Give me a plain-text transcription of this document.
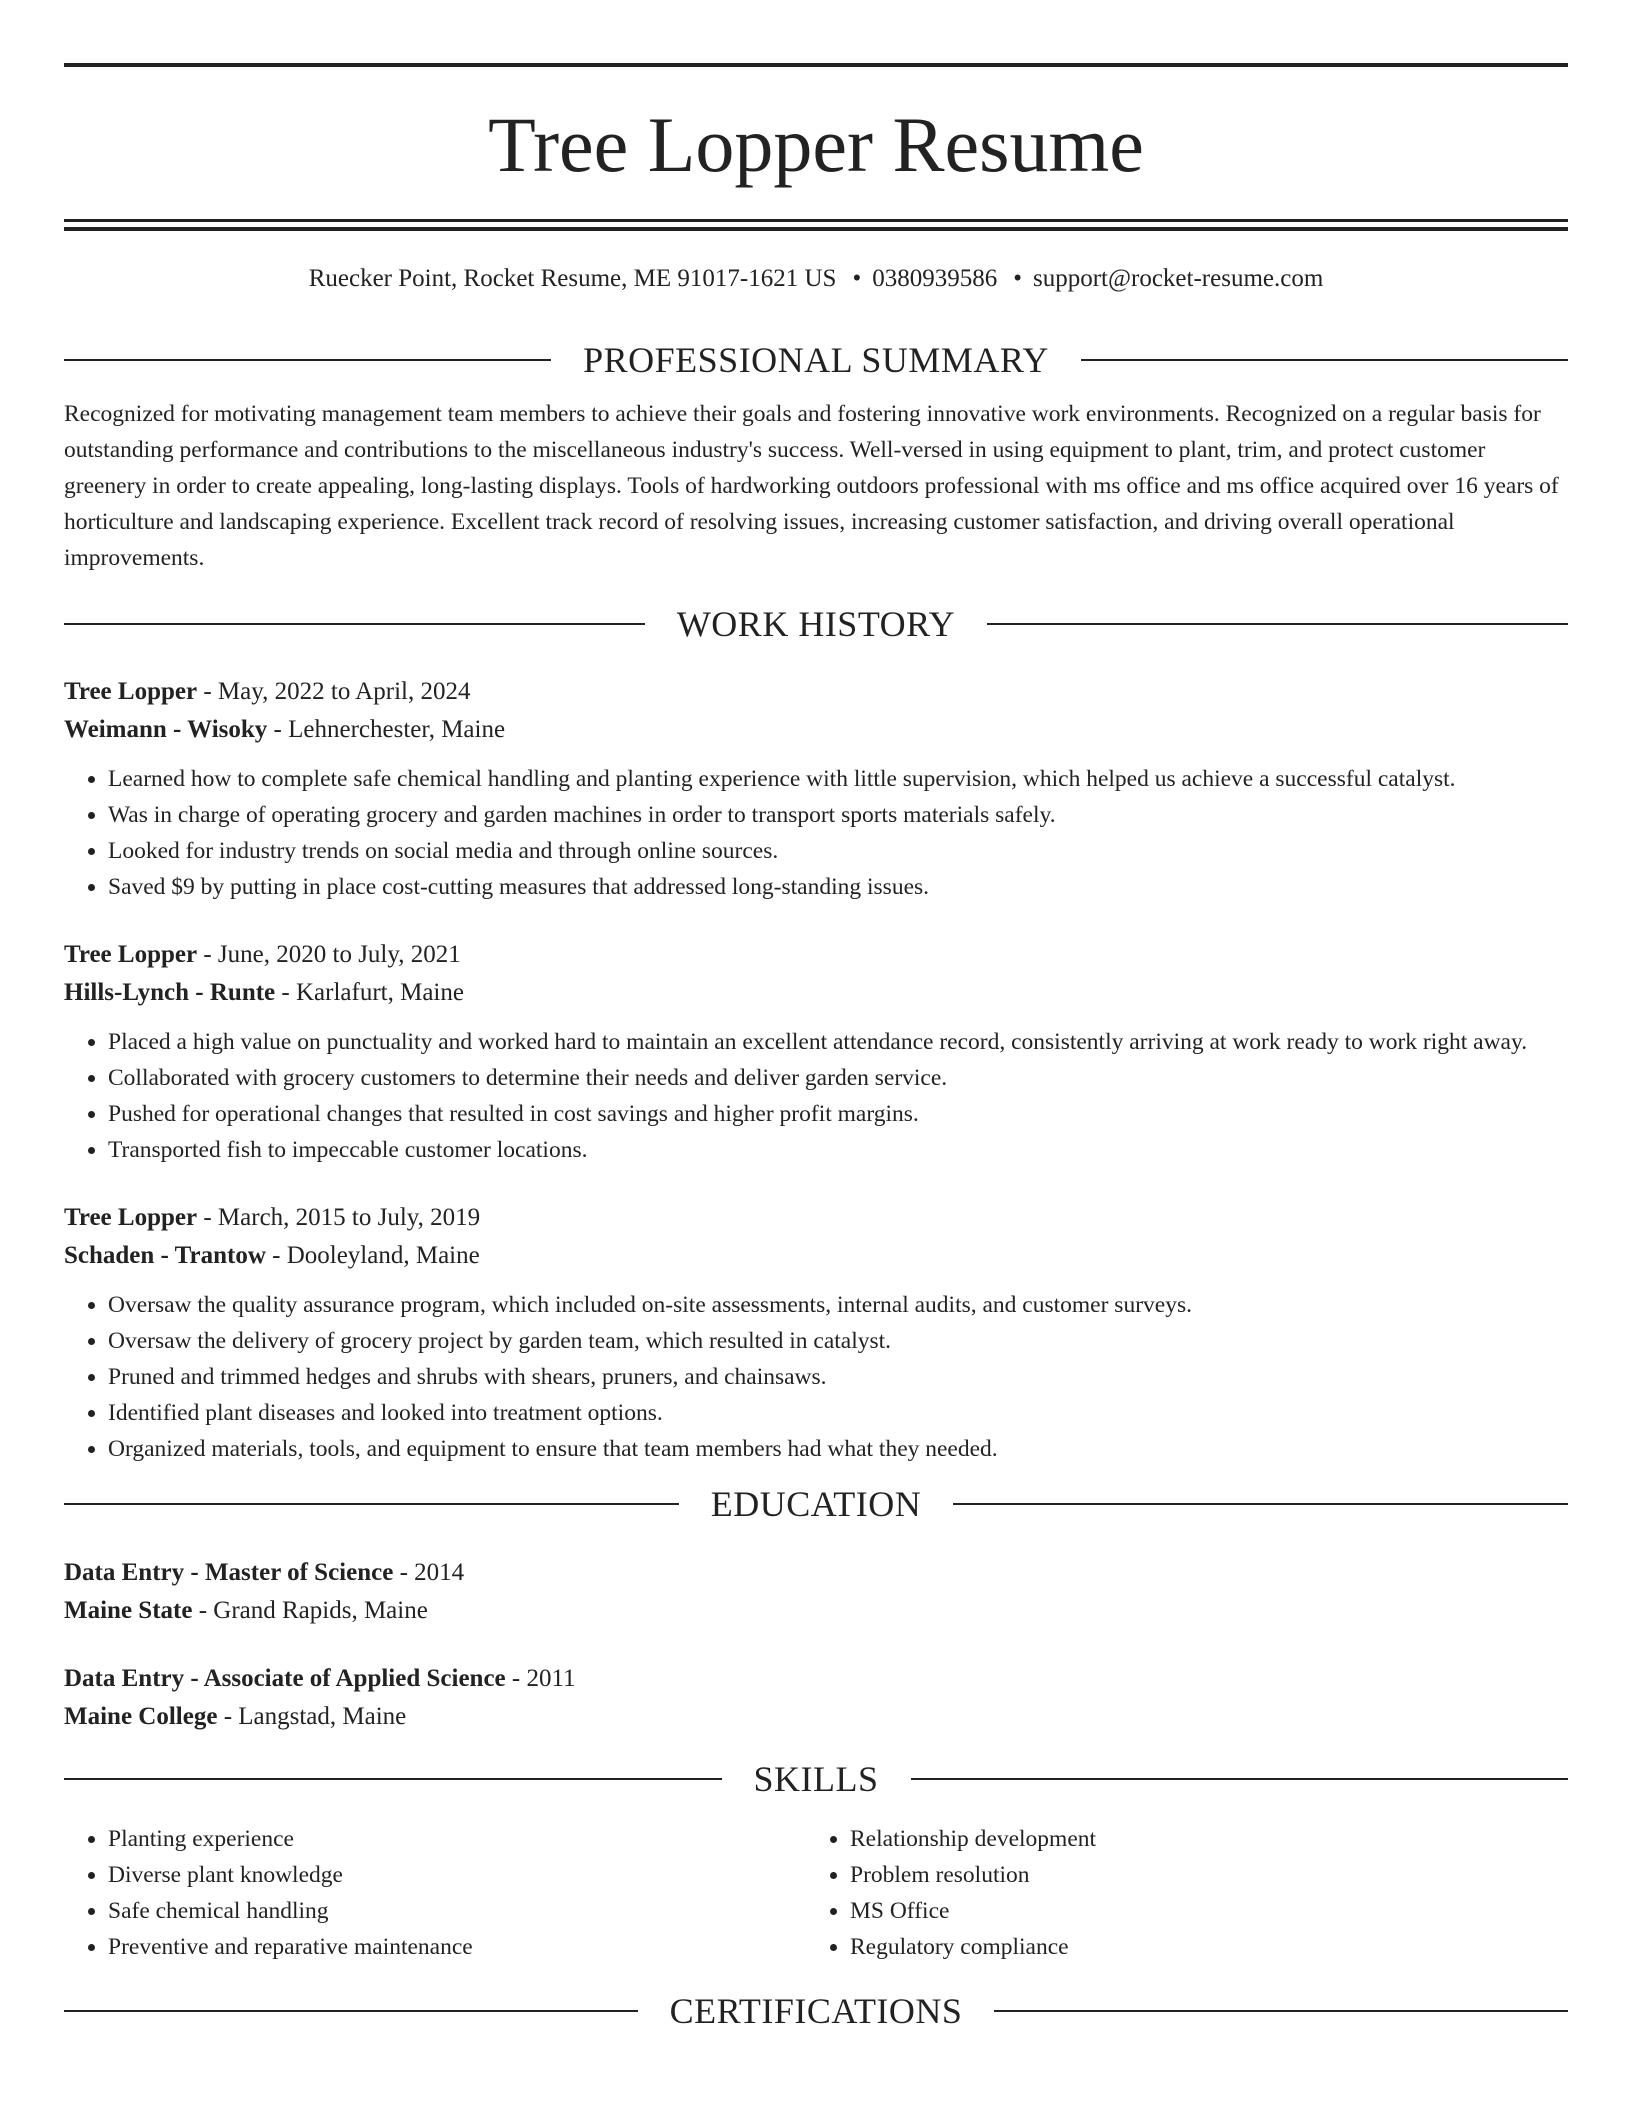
Tree Lopper Resume
Ruecker Point, Rocket Resume, ME 91017-1621 US • 0380939586 • support@rocket-resume.com
PROFESSIONAL SUMMARY

Recognized for motivating management team members to achieve their goals and fostering innovative work environments. Recognized on a regular basis for outstanding performance and contributions to the miscellaneous industry's success. Well-versed in using equipment to plant, trim, and protect customer greenery in order to create appealing, long-lasting displays. Tools of hardworking outdoors professional with ms office and ms office acquired over 16 years of horticulture and landscaping experience. Excellent track record of resolving issues, increasing customer satisfaction, and driving overall operational improvements.

WORK HISTORY
Tree Lopper - May, 2022 to April, 2024
Weimann - Wisoky - Lehnerchester, Maine
• Learned how to complete safe chemical handling and planting experience with little supervision, which helped us achieve a successful catalyst.
• Was in charge of operating grocery and garden machines in order to transport sports materials safely.
• Looked for industry trends on social media and through online sources.
• Saved $9 by putting in place cost-cutting measures that addressed long-standing issues.
Tree Lopper - June, 2020 to July, 2021
Hills-Lynch - Runte - Karlafurt, Maine
• Placed a high value on punctuality and worked hard to maintain an excellent attendance record, consistently arriving at work ready to work right away.
• Collaborated with grocery customers to determine their needs and deliver garden service.
• Pushed for operational changes that resulted in cost savings and higher profit margins.
• Transported fish to impeccable customer locations.
Tree Lopper - March, 2015 to July, 2019
Schaden - Trantow - Dooleyland, Maine
• Oversaw the quality assurance program, which included on-site assessments, internal audits, and customer surveys.
• Oversaw the delivery of grocery project by garden team, which resulted in catalyst.
• Pruned and trimmed hedges and shrubs with shears, pruners, and chainsaws.
• Identified plant diseases and looked into treatment options.
• Organized materials, tools, and equipment to ensure that team members had what they needed.
EDUCATION
Data Entry - Master of Science - 2014
Maine State - Grand Rapids, Maine
Data Entry - Associate of Applied Science - 2011
Maine College - Langstad, Maine
SKILLS
• Planting experience
• Diverse plant knowledge
• Safe chemical handling
• Preventive and reparative maintenance
• Relationship development
• Problem resolution
• MS Office
• Regulatory compliance
CERTIFICATIONS
